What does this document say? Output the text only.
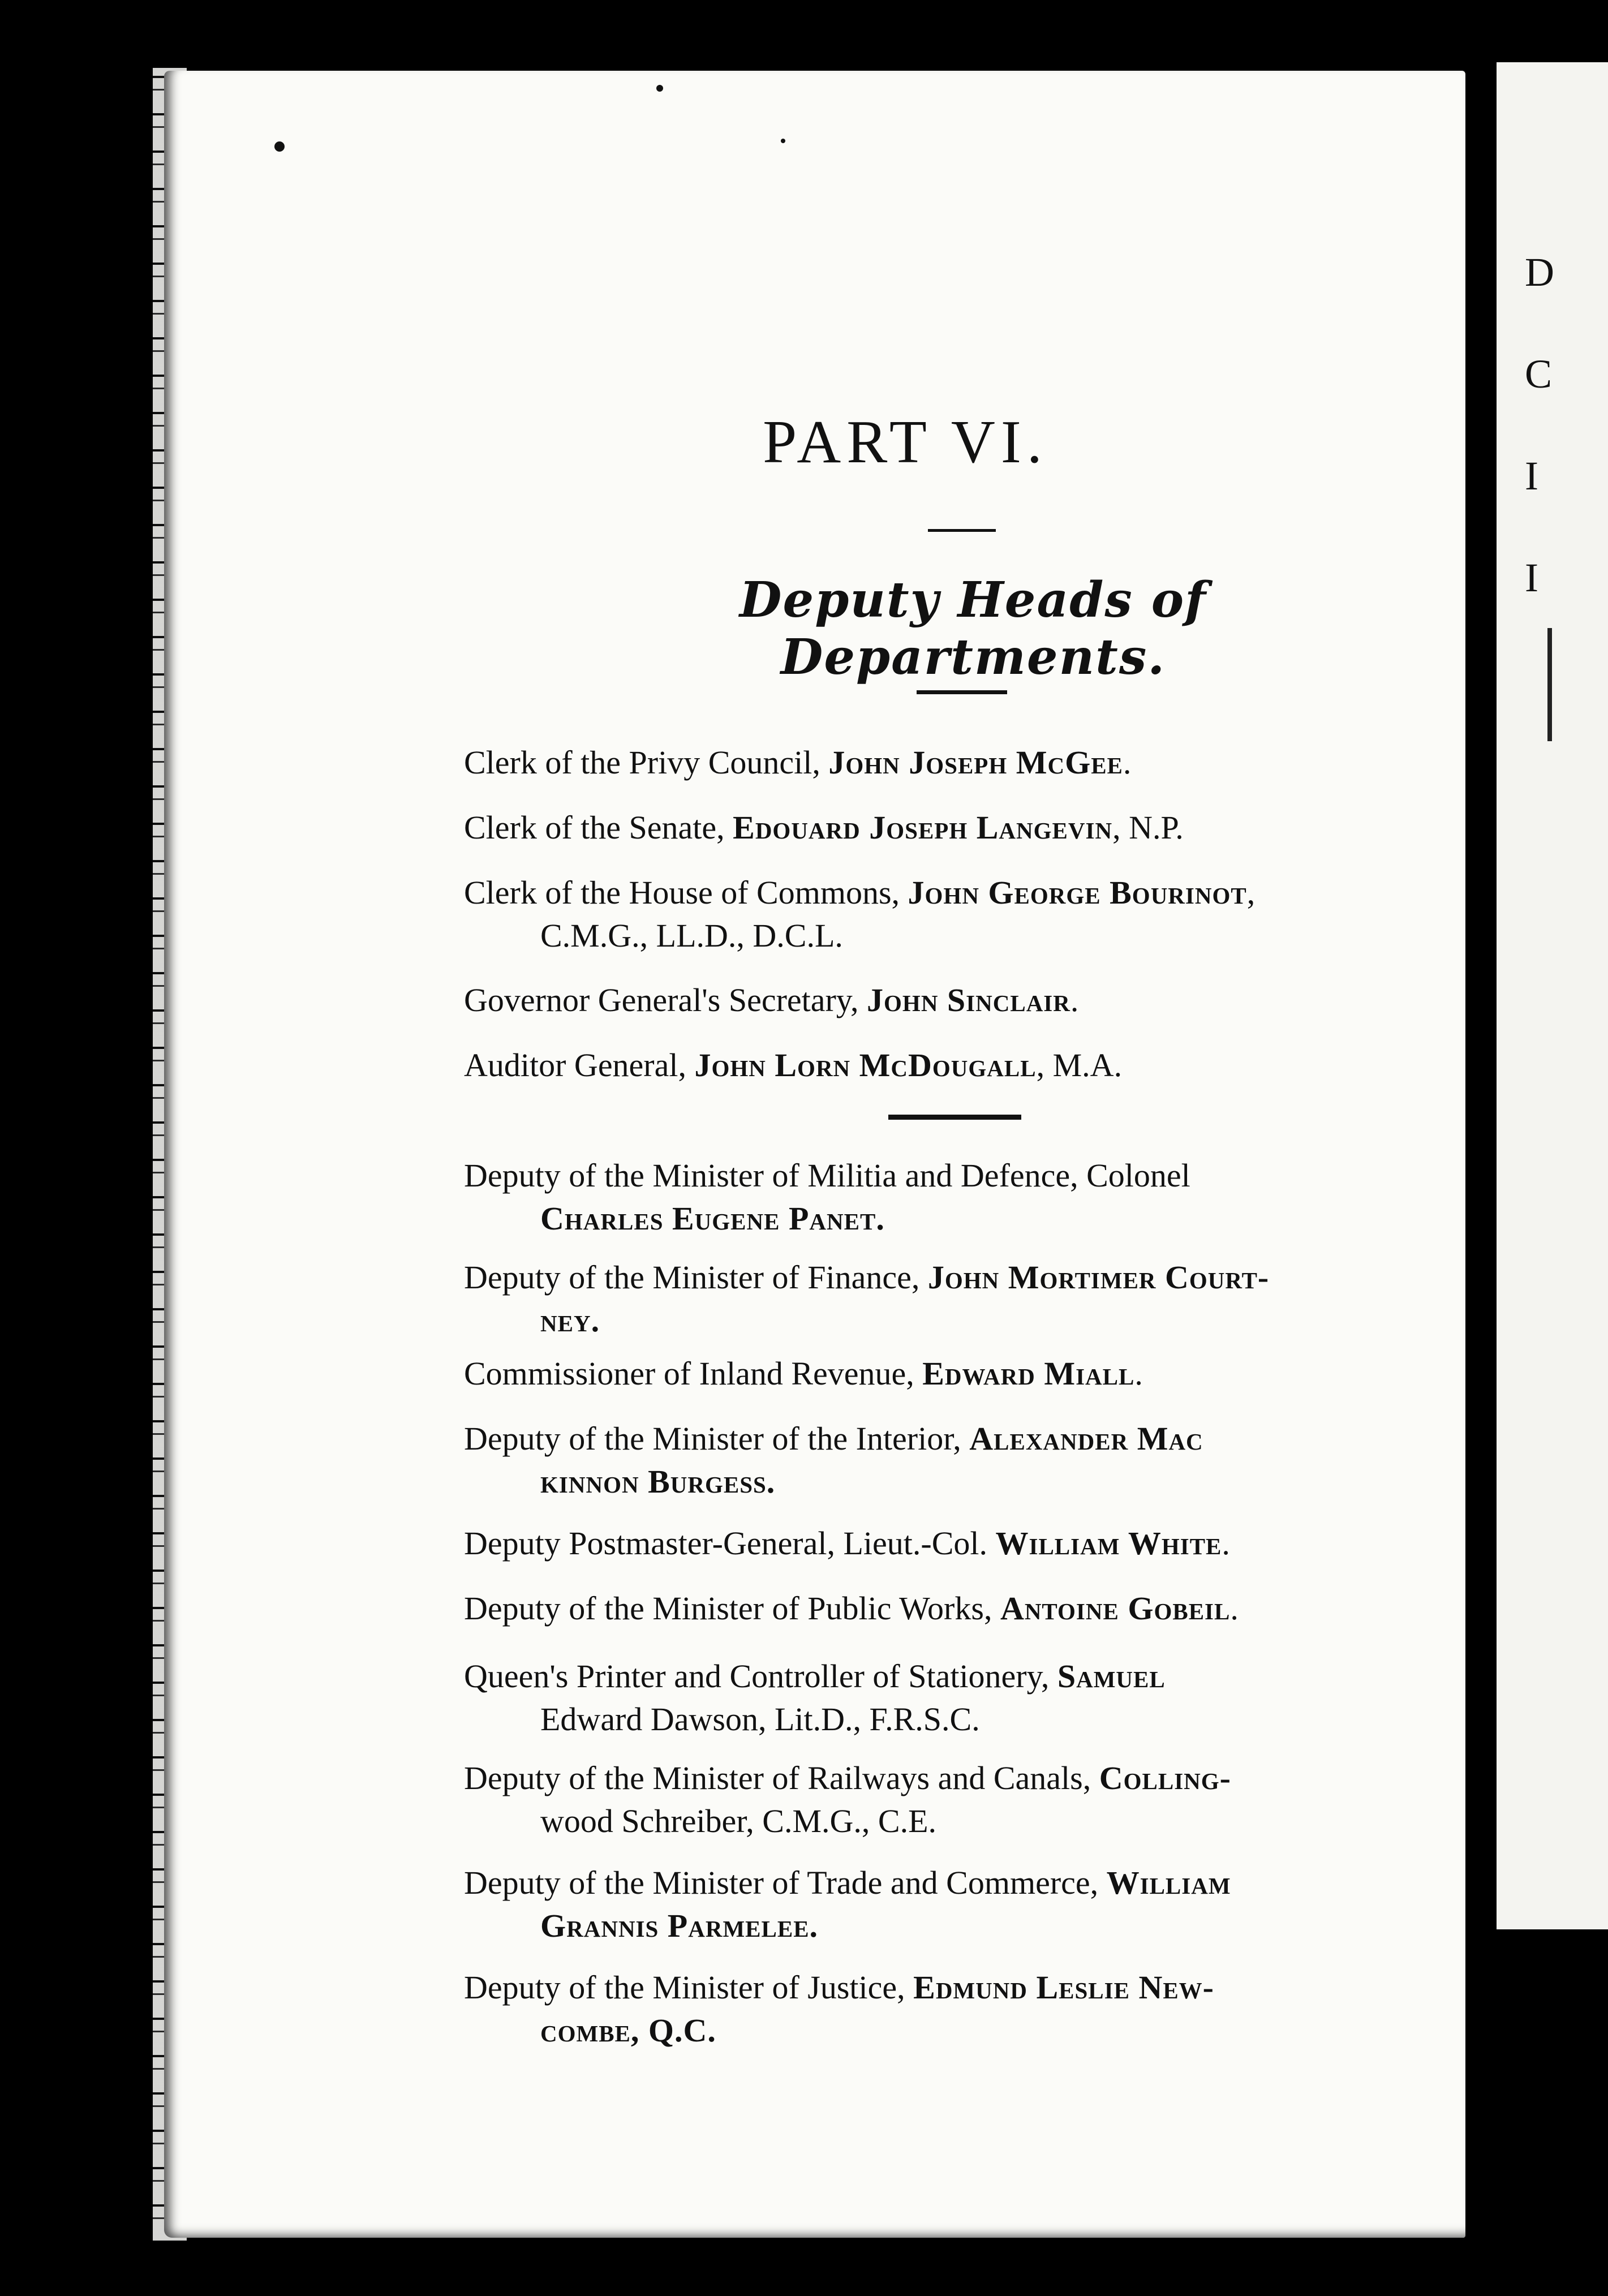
D
C
I
I
PART VI.
Deputy Heads of Departments.
Clerk of the Privy Council, John Joseph McGee.
Clerk of the Senate, Edouard Joseph Langevin, N.P.
Clerk of the House of Commons, John George Bourinot,
C.M.G., LL.D., D.C.L.
Governor General's Secretary, John Sinclair.
Auditor General, John Lorn McDougall, M.A.
Deputy of the Minister of Militia and Defence, Colonel
Charles Eugene Panet.
Deputy of the Minister of Finance, John Mortimer Court-
ney.
Commissioner of Inland Revenue, Edward Miall.
Deputy of the Minister of the Interior, Alexander Mac
kinnon Burgess.
Deputy Postmaster-General, Lieut.-Col. William White.
Deputy of the Minister of Public Works, Antoine Gobeil.
Queen's Printer and Controller of Stationery, Samuel
Edward Dawson, Lit.D., F.R.S.C.
Deputy of the Minister of Railways and Canals, Colling-
wood Schreiber, C.M.G., C.E.
Deputy of the Minister of Trade and Commerce, William
Grannis Parmelee.
Deputy of the Minister of Justice, Edmund Leslie New-
combe, Q.C.
